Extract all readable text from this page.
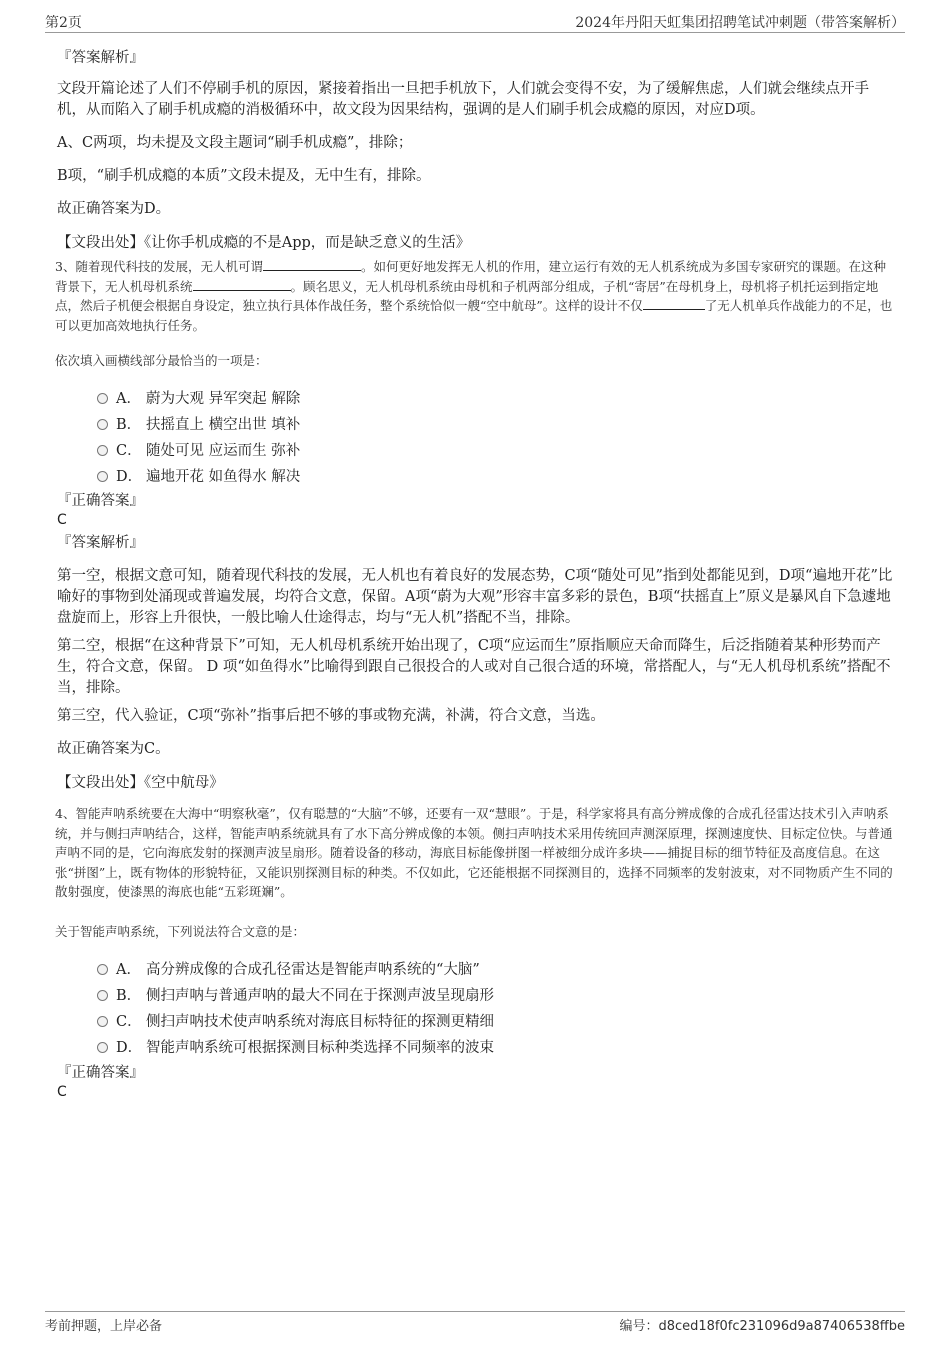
第2页	2024年丹阳天虹集团招聘笔试冲刺题（带答案解析）
『答案解析』

文段开篇论述了人们不停刷手机的原因，紧接着指出一旦把手机放下，人们就会变得不安，为了缓解焦虑，人们就会继续点开手机，从而陷入了刷手机成瘾的消极循环中，故文段为因果结构，强调的是人们刷手机会成瘾的原因，对应D项。

A、C两项，均未提及文段主题词“刷手机成瘾”，排除；

B项，“刷手机成瘾的本质”文段未提及，无中生有，排除。

故正确答案为D。

【文段出处】《让你手机成瘾的不是App，而是缺乏意义的生活》

3、随着现代科技的发展，无人机可谓	。如何更好地发挥无人机的作用，建立运行有效的无人机系统成为多国专家研究的课题。在这种背景下，无人机母机系统	。顾名思义，无人机母机系统由母机和子机两部分组成，子机“寄居”在母机身上，母机将子机托运到指定地点，然后子机便会根据自身设定，独立执行具体作战任务，整个系统恰似一艘“空中航母”。这样的设计不仅	了无人机单兵作战能力的不足，也可以更加高效地执行任务。

依次填入画横线部分最恰当的一项是：

A． 蔚为大观 异军突起 解除
B． 扶摇直上 横空出世 填补
C． 随处可见 应运而生 弥补
D． 遍地开花 如鱼得水 解决
『正确答案』
C
『答案解析』

第一空，根据文意可知，随着现代科技的发展，无人机也有着良好的发展态势，C项“随处可见”指到处都能见到，D项“遍地开花”比喻好的事物到处涌现或普遍发展，均符合文意，保留。A项“蔚为大观”形容丰富多彩的景色，B项“扶摇直上”原义是暴风自下急遽地盘旋而上，形容上升很快，一般比喻人仕途得志，均与“无人机”搭配不当，排除。

第二空，根据“在这种背景下”可知，无人机母机系统开始出现了，C项“应运而生”原指顺应天命而降生，后泛指随着某种形势而产生，符合文意，保留。 D 项“如鱼得水”比喻得到跟自己很投合的人或对自己很合适的环境，常搭配人，与“无人机母机系统”搭配不当，排除。

第三空，代入验证，C项“弥补”指事后把不够的事或物充满，补满，符合文意，当选。

故正确答案为C。

【文段出处】《空中航母》

4、智能声呐系统要在大海中“明察秋毫”，仅有聪慧的“大脑”不够，还要有一双“慧眼”。于是，科学家将具有高分辨成像的合成孔径雷达技术引入声呐系统，并与侧扫声呐结合，这样，智能声呐系统就具有了水下高分辨成像的本领。侧扫声呐技术采用传统回声测深原理，探测速度快、目标定位快。与普通声呐不同的是，它向海底发射的探测声波呈扇形。随着设备的移动，海底目标能像拼图一样被细分成许多块——捕捉目标的细节特征及高度信息。在这张“拼图”上，既有物体的形貌特征，又能识别探测目标的种类。不仅如此，它还能根据不同探测目的，选择不同频率的发射波束，对不同物质产生不同的散射强度，使漆黑的海底也能“五彩斑斓”。

关于智能声呐系统，下列说法符合文意的是：

A． 高分辨成像的合成孔径雷达是智能声呐系统的“大脑”
B． 侧扫声呐与普通声呐的最大不同在于探测声波呈现扇形
C． 侧扫声呐技术使声呐系统对海底目标特征的探测更精细
D． 智能声呐系统可根据探测目标种类选择不同频率的波束
『正确答案』
C
考前押题，上岸必备	编号：d8ced18f0fc231096d9a87406538ffbe
